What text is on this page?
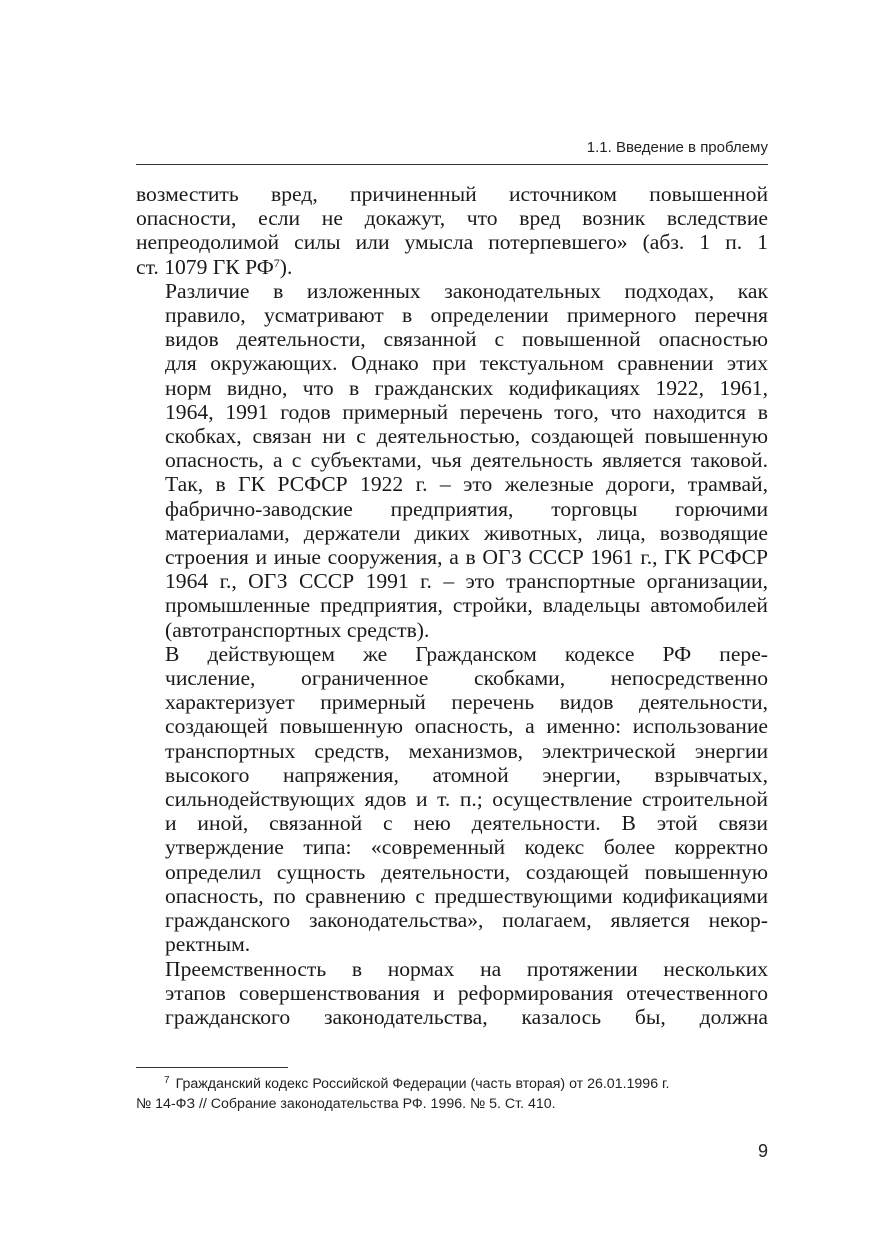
1.1. Введение в проблему

возместить вред, причиненный источником повышенной
опасности, если не докажут, что вред возник вследствие
непреодолимой силы или умысла потерпевшего» (абз. 1 п. 1
ст. 1079 ГК РФ$^7$).

Различие в изложенных законодательных подходах, как
правило, усматривают в определении примерного перечня
видов деятельности, связанной с повышенной опасностью
для окружающих. Однако при текстуальном сравнении этих
норм видно, что в гражданских кодификациях 1922, 1961,
1964, 1991 годов примерный перечень того, что находится в
скобках, связан ни с деятельностью, создающей повышенную
опасность, а с субъектами, чья деятельность является таковой.
Так, в ГК РСФСР 1922 г. – это железные дороги, трамвай,
фабрично-заводские предприятия, торговцы горючими
материалами, держатели диких животных, лица, возводящие
строения и иные сооружения, а в ОГЗ СССР 1961 г., ГК РСФСР
1964 г., ОГЗ СССР 1991 г. – это транспортные организации,
промышленные предприятия, стройки, владельцы автомобилей
(автотранспортных средств).

В действующем же Гражданском кодексе РФ пере-
числение, ограниченное скобками, непосредственно
характеризует примерный перечень видов деятельности,
создающей повышенную опасность, а именно: использование
транспортных средств, механизмов, электрической энергии
высокого напряжения, атомной энергии, взрывчатых,
сильнодействующих ядов и т. п.; осуществление строительной
и иной, связанной с нею деятельности. В этой связи
утверждение типа: «современный кодекс более корректно
определил сущность деятельности, создающей повышенную
опасность, по сравнению с предшествующими кодификациями
гражданского законодательства», полагаем, является некор-
ректным.

Преемственность в нормах на протяжении нескольких
этапов совершенствования и реформирования отечественного
гражданского законодательства, казалось бы, должна

$^7$ Гражданский кодекс Российской Федерации (часть вторая) от 26.01.1996 г.
№ 14-ФЗ // Собрание законодательства РФ. 1996. № 5. Ст. 410.
9
